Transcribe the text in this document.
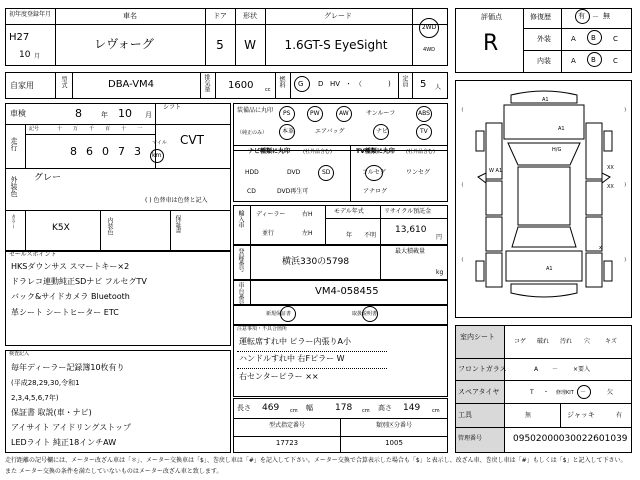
初年度登録年月
H27
10 月
車名
レヴォーグ
ドア
5
形状
W
グレード
1.6GT-S EyeSight
2WD
4WD
評価点
R
修復歴	有 － 無
外装	A B C
内装	A B C
自家用	型式	DBA-VM4	排気量 1600 cc
燃料 G D HV ・ （	) 定員 5 人
車検	8	年 10 月
シフト
CVT
走行
記号	十 万 千 百 十 一
8 6 0 7 3
マイル
km
外装色 グレー
( ) 色替車は色替と記入
カラー	K5X	内装色	保証書
装備品に丸印
（純正のみ）
PS	PW	AW	サンルーフ	ABS
本革	エアバッグ	ナビ	TV
ナビ種類に丸印	(社外品含む)
HDD	DVD	SD
CD	DVD再生可
TV種類に丸印 (社外品含む)
フルセグ	ワンセグ
アナログ
輸入車 ディーラー
並行
右H
左H
モデル年式
年 不明
リサイクル預託金
13,610
円
登録番号	横浜330の5798
最大積載量
kg
車台番号	VM4-058455
セールスポイント
HKSダウンサス スマートキー×2
ドラレコ連動純正SDナビ フルセグTV
バック&サイドカメラ Bluetooth
革シート シートヒーター ETC	新規保証書	取扱説明書
注意事項・不具合箇所
運転席すれ中 ピラー内張りA小
ハンドルすれ中 右Fピラー W
右センターピラー ××
検査記入
毎年ディーラー記録簿10枚有り
(平成28,29,30,令和1
2,3,4,5,6,7年)
保証書 取説(車・ナビ)
アイサイト アイドリングストップ
LEDライト 純正18インチAW
長さ 469 cm 幅 178 cm 高さ 149 cm
型式指定番号
17723
類別区分番号
1005
{	}
{	}
{	}
A1
A1
H/G
W A1	XX
XX
A1
x
室内シート
コゲ 破れ 汚れ 穴 キズ
フロントガラス	A － ×要入
スペアタイヤ	T ・ 修理KIT －	欠
工具	無	ジャッキ	有
管理番号	09502000030022601039
走行距離の記号欄には、メーター改ざん車は「＊」、メーター交換車は「$」、巻戻し車は「#」を記入して下さい。メーター交換で合算表示した場合も「$」と表示し、改ざん車、巻戻し車は「#」もしくは「$」と記入して下さい。
また メーター交換の条件を満たしていないものはメーター改ざん車と致します。
